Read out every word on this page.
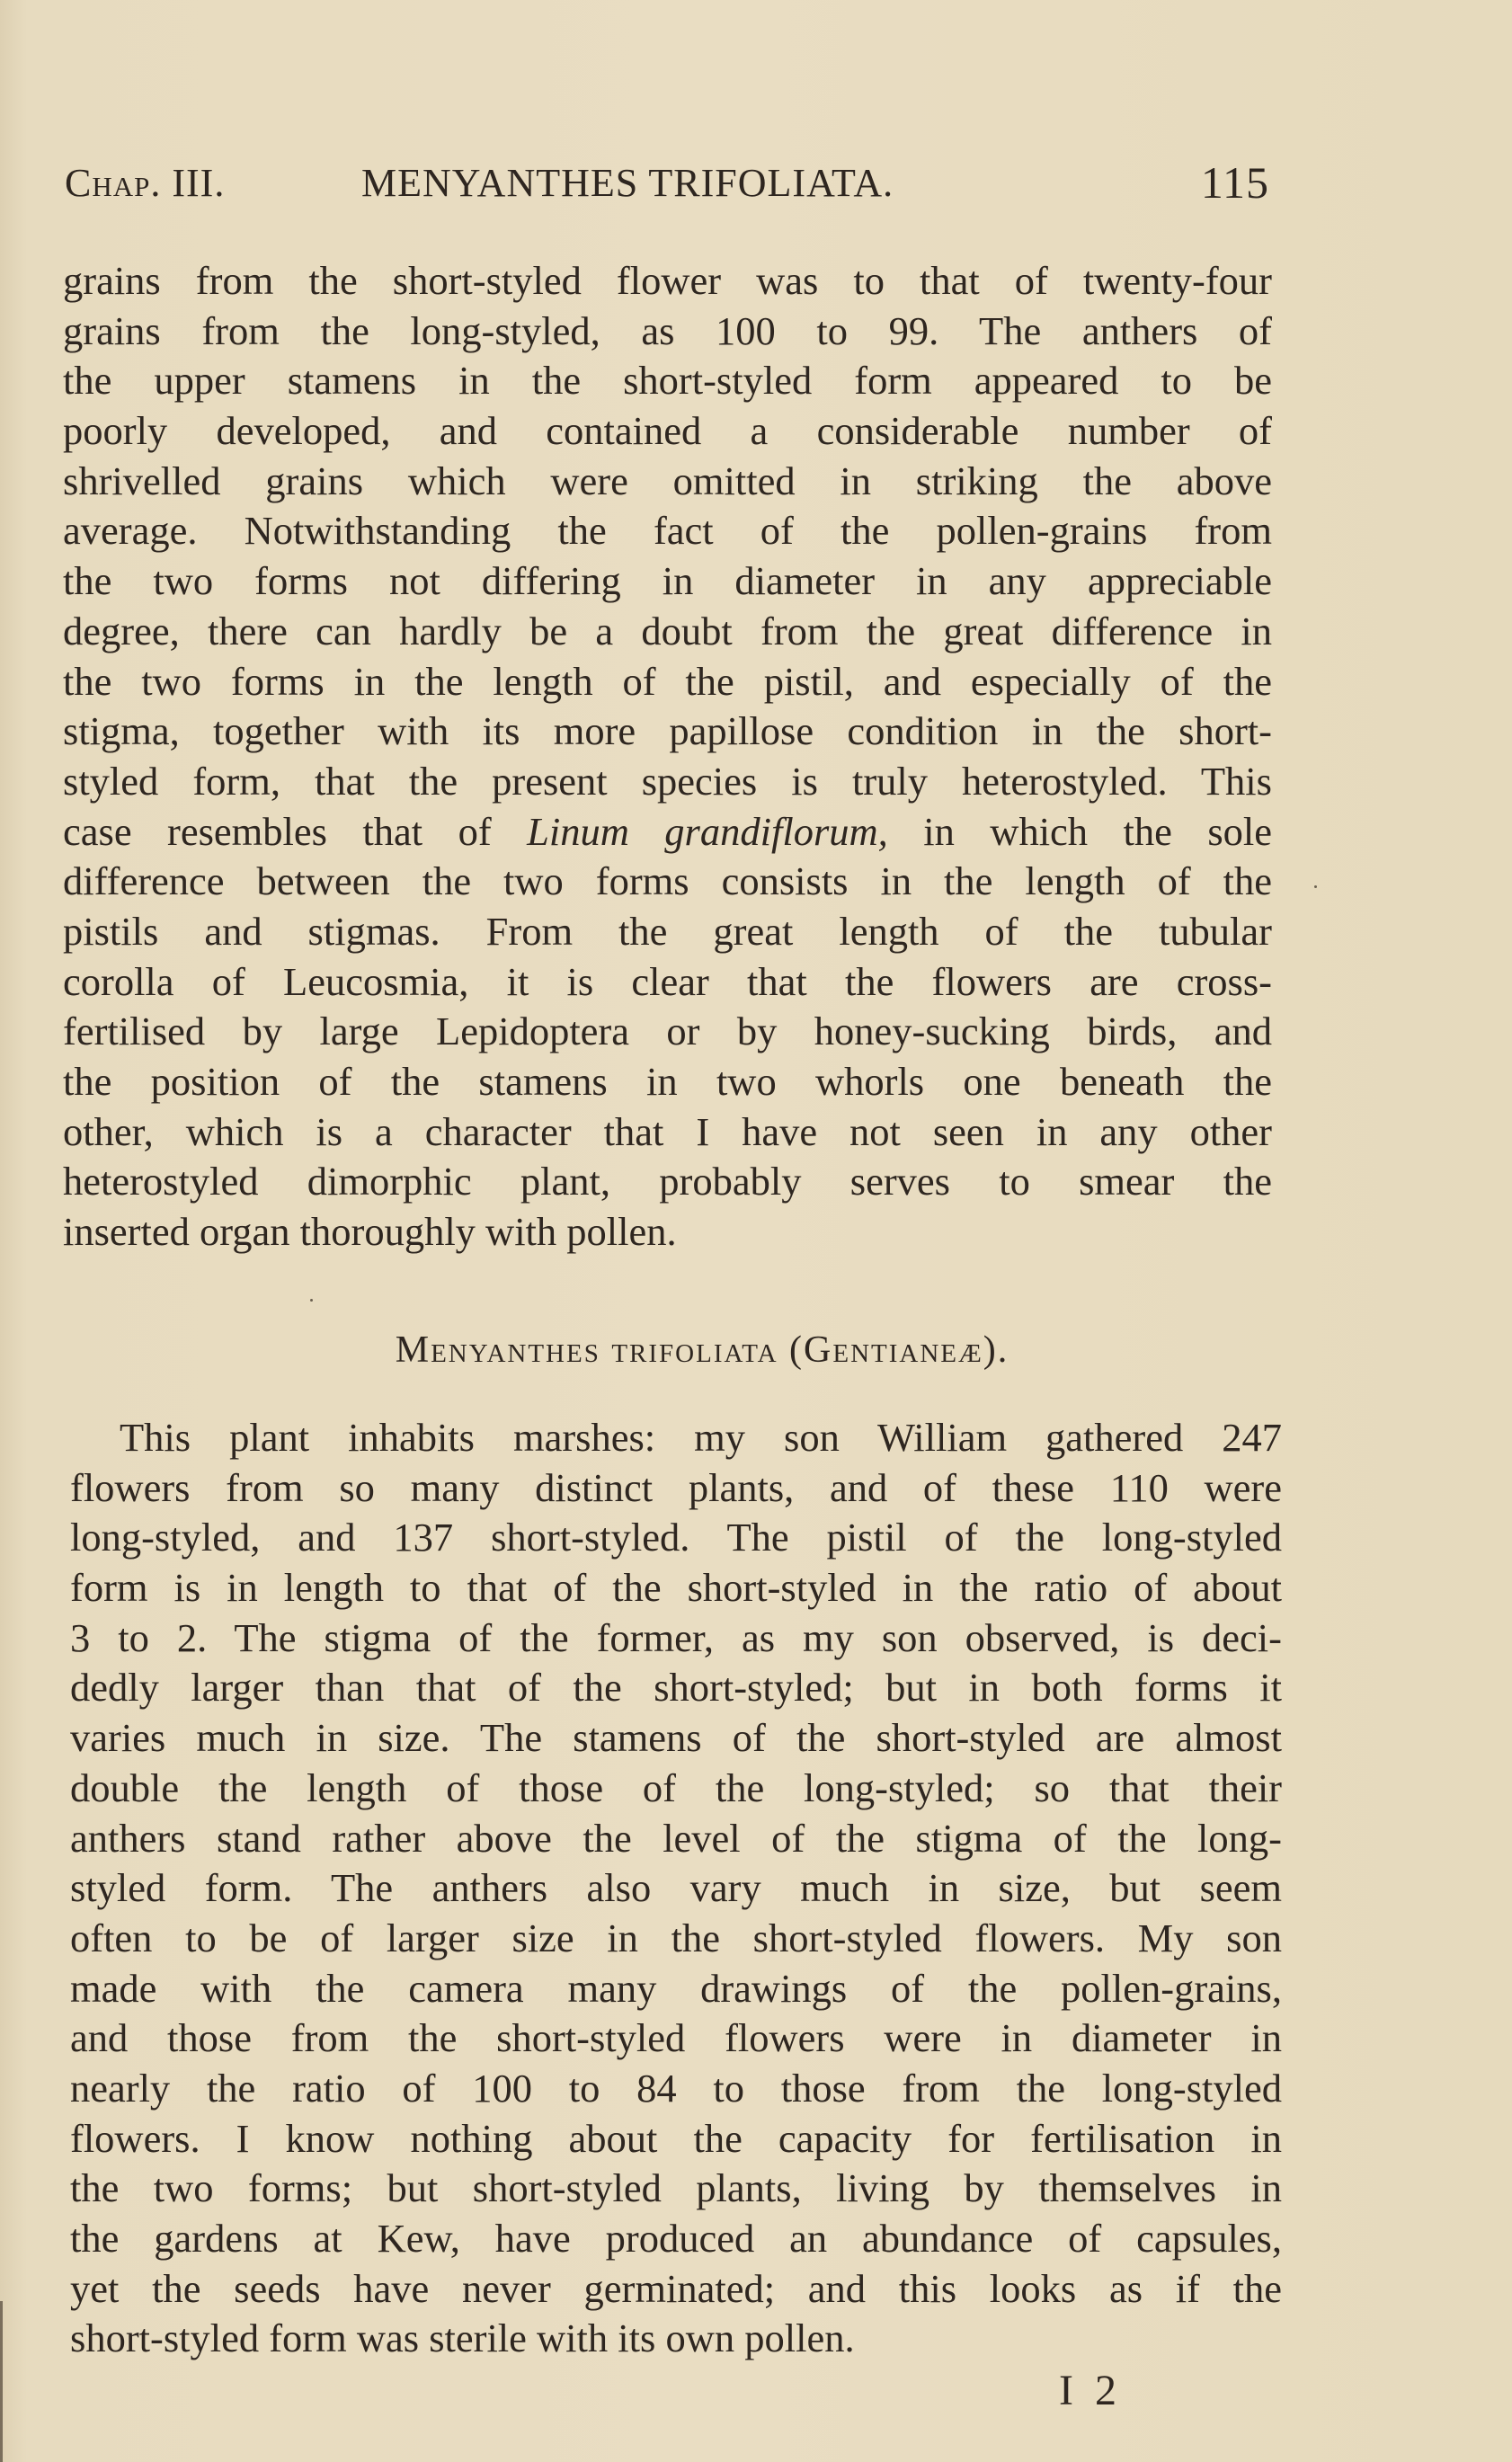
Chap. III.	MENYANTHES TRIFOLIATA.	115
grains from the short-styled flower was to that of twenty-four
grains from the long-styled, as 100 to 99. The anthers of
the upper stamens in the short-styled form appeared to be
poorly developed, and contained a considerable number of
shrivelled grains which were omitted in striking the above
average. Notwithstanding the fact of the pollen-grains from
the two forms not differing in diameter in any appreciable
degree, there can hardly be a doubt from the great difference in
the two forms in the length of the pistil, and especially of the
stigma, together with its more papillose condition in the short-
styled form, that the present species is truly heterostyled. This
case resembles that of Linum grandiflorum, in which the sole
difference between the two forms consists in the length of the
pistils and stigmas. From the great length of the tubular
corolla of Leucosmia, it is clear that the flowers are cross-
fertilised by large Lepidoptera or by honey-sucking birds, and
the position of the stamens in two whorls one beneath the
other, which is a character that I have not seen in any other
heterostyled dimorphic plant, probably serves to smear the
inserted organ thoroughly with pollen.
Menyanthes trifoliata (Gentianeæ).
This plant inhabits marshes: my son William gathered 247
flowers from so many distinct plants, and of these 110 were
long-styled, and 137 short-styled. The pistil of the long-styled
form is in length to that of the short-styled in the ratio of about
3 to 2. The stigma of the former, as my son observed, is deci-
dedly larger than that of the short-styled; but in both forms it
varies much in size. The stamens of the short-styled are almost
double the length of those of the long-styled; so that their
anthers stand rather above the level of the stigma of the long-
styled form. The anthers also vary much in size, but seem
often to be of larger size in the short-styled flowers. My son
made with the camera many drawings of the pollen-grains,
and those from the short-styled flowers were in diameter in
nearly the ratio of 100 to 84 to those from the long-styled
flowers. I know nothing about the capacity for fertilisation in
the two forms; but short-styled plants, living by themselves in
the gardens at Kew, have produced an abundance of capsules,
yet the seeds have never germinated; and this looks as if the
short-styled form was sterile with its own pollen.
I 2
